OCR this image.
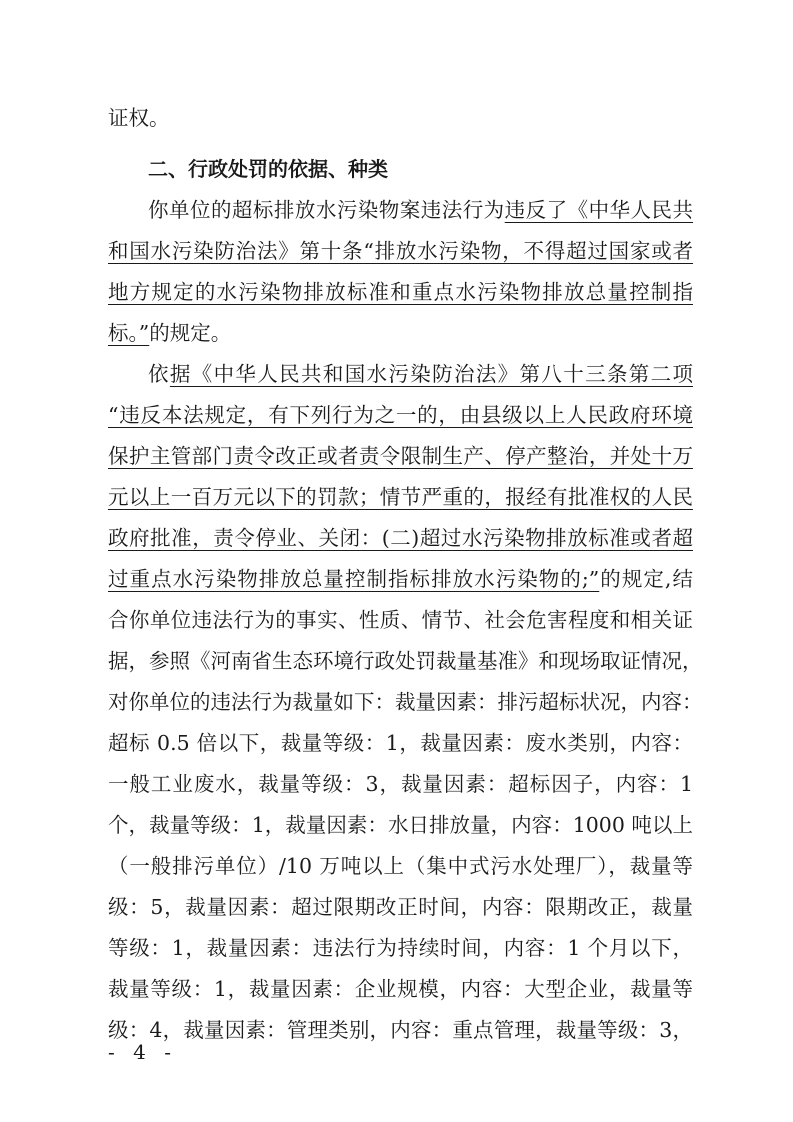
证权。
二、行政处罚的依据、种类
你单位的超标排放水污染物案违法行为违反了《中华人民共
和国水污染防治法》第十条“排放水污染物，不得超过国家或者
地方规定的水污染物排放标准和重点水污染物排放总量控制指
标。”的规定。
依据《中华人民共和国水污染防治法》第八十三条第二项
“违反本法规定，有下列行为之一的，由县级以上人民政府环境
保护主管部门责令改正或者责令限制生产、停产整治，并处十万
元以上一百万元以下的罚款；情节严重的，报经有批准权的人民
政府批准，责令停业、关闭：(二)超过水污染物排放标准或者超
过重点水污染物排放总量控制指标排放水污染物的;”的规定,结
合你单位违法行为的事实、性质、情节、社会危害程度和相关证
据，参照《河南省生态环境行政处罚裁量基准》和现场取证情况，
对你单位的违法行为裁量如下：裁量因素：排污超标状况，内容：
超标 0.5 倍以下，裁量等级：1，裁量因素：废水类别，内容：
一般工业废水，裁量等级：3，裁量因素：超标因子，内容：1
个，裁量等级：1，裁量因素：水日排放量，内容：1000 吨以上
（一般排污单位）/10 万吨以上（集中式污水处理厂），裁量等
级：5，裁量因素：超过限期改正时间，内容：限期改正，裁量
等级：1，裁量因素：违法行为持续时间，内容：1 个月以下，
裁量等级：1，裁量因素：企业规模，内容：大型企业，裁量等
级：4，裁量因素：管理类别，内容：重点管理，裁量等级：3，
- 4 -
